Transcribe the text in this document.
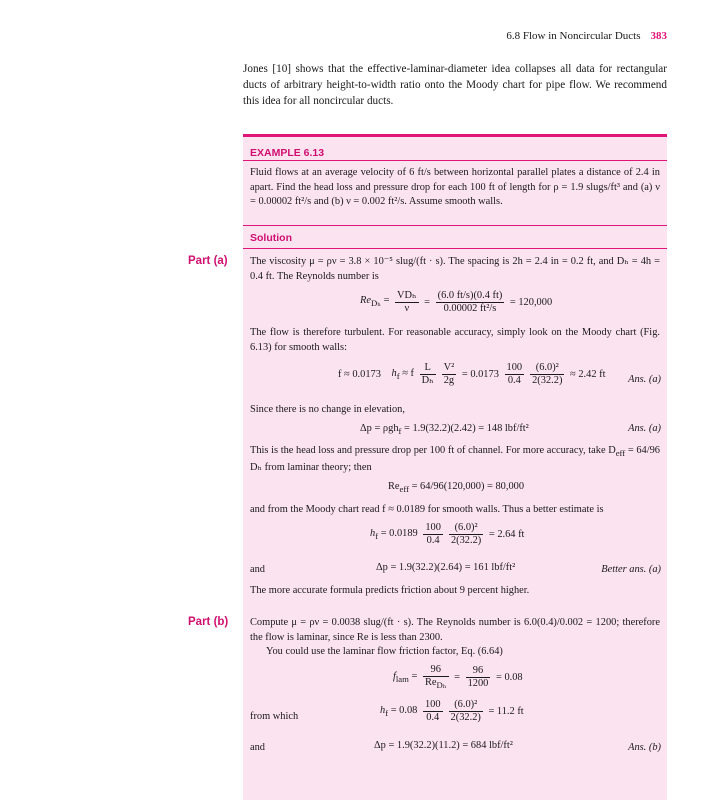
6.8 Flow in Noncircular Ducts 383
Jones [10] shows that the effective-laminar-diameter idea collapses all data for rectangular ducts of arbitrary height-to-width ratio onto the Moody chart for pipe flow. We recommend this idea for all noncircular ducts.
EXAMPLE 6.13
Fluid flows at an average velocity of 6 ft/s between horizontal parallel plates a distance of 2.4 in apart. Find the head loss and pressure drop for each 100 ft of length for ρ = 1.9 slugs/ft³ and (a) ν = 0.00002 ft²/s and (b) ν = 0.002 ft²/s. Assume smooth walls.
Solution
Part (a) The viscosity μ = ρν = 3.8 × 10⁻⁵ slug/(ft · s). The spacing is 2h = 2.4 in = 0.2 ft, and Dₕ = 4h = 0.4 ft. The Reynolds number is
$Re_{D_h} = \frac{\text{VDₕ}}{\nu} = \frac{(6.0 ft/s)(0.4 ft)}{\text{0.00002 ft²/s}} = 120,000$
The flow is therefore turbulent. For reasonable accuracy, simply look on the Moody chart (Fig. 6.13) for smooth walls:
f ≈ 0.0173 $h_f \approx f \frac{L}{\text{Dₕ}} \frac{\text{V²}}{2g} = 0.0173 \frac{100}{0.4} \frac{\text{(6.0)²}}{2(32.2)} \approx 2.42$ ft Ans. (a)
Since there is no change in elevation,
Δp = ρgh$_f$ = 1.9(32.2)(2.42) = 148 lbf/ft²	Ans. (a)
This is the head loss and pressure drop per 100 ft of channel. For more accuracy, take $D_{eff} = 64/96$ Dₕ from laminar theory; then
$Re_{eff} = 64/96(120,000) = 80,000$
and from the Moody chart read f ≈ 0.0189 for smooth walls. Thus a better estimate is
$h_f = 0.0189 \frac{100}{0.4} \frac{\text{(6.0)²}}{2(32.2)} = 2.64$ ft
and	Δp = 1.9(32.2)(2.64) = 161 lbf/ft²	Better ans. (a)
The more accurate formula predicts friction about 9 percent higher.
Part (b) Compute μ = ρν = 0.0038 slug/(ft · s). The Reynolds number is 6.0(0.4)/0.002 = 1200; therefore the flow is laminar, since Re is less than 2300.
You could use the laminar flow friction factor, Eq. (6.64)
$f_{lam} = \frac{96}{Re_{D_h}} = \frac{96}{1200} = 0.08$
from which
$h_f = 0.08 \frac{100}{0.4} \frac{\text{(6.0)²}}{2(32.2)} = 11.2$ ft
and	Δp = 1.9(32.2)(11.2) = 684 lbf/ft²	Ans. (b)
